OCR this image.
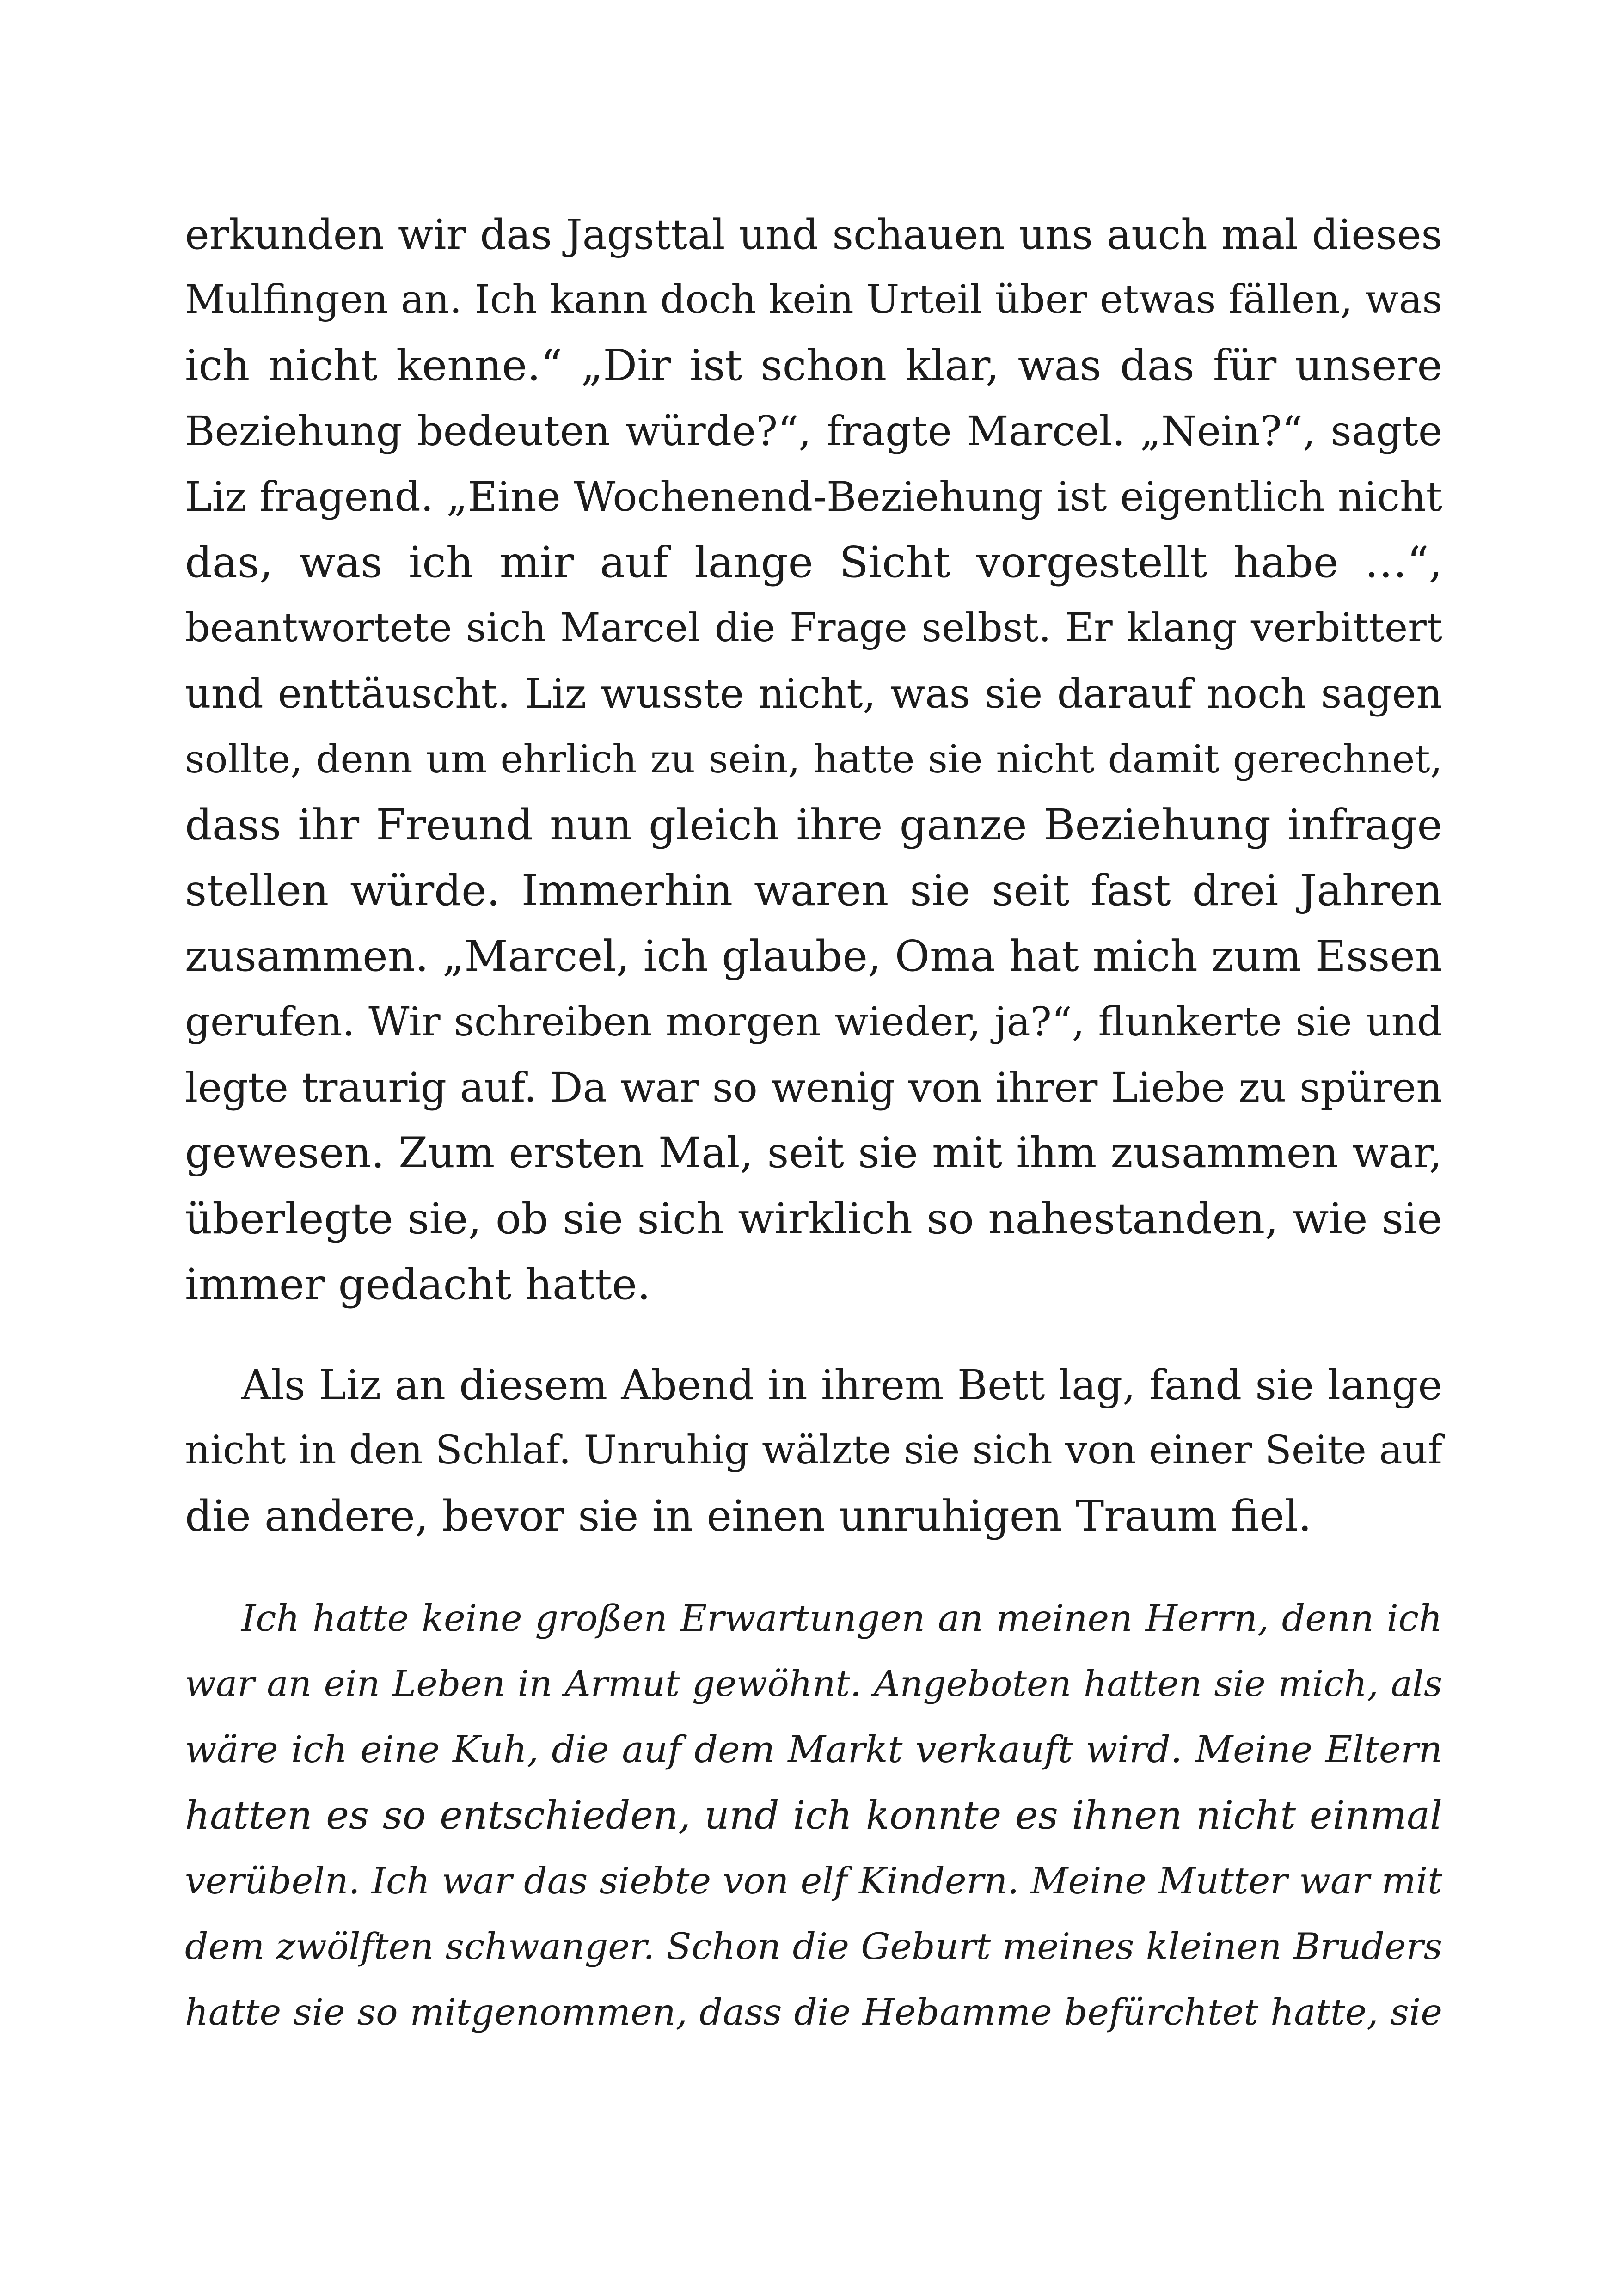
erkunden wir das Jagsttal und schauen uns auch mal dieses

Mulfingen an. Ich kann doch kein Urteil über etwas fällen, was

ich nicht kenne.“ „Dir ist schon klar, was das für unsere

Beziehung bedeuten würde?“, fragte Marcel. „Nein?“, sagte

Liz fragend. „Eine Wochenend-Beziehung ist eigentlich nicht

das, was ich mir auf lange Sicht vorgestellt habe …“,

beantwortete sich Marcel die Frage selbst. Er klang verbittert

und enttäuscht. Liz wusste nicht, was sie darauf noch sagen

sollte, denn um ehrlich zu sein, hatte sie nicht damit gerechnet,

dass ihr Freund nun gleich ihre ganze Beziehung infrage

stellen würde. Immerhin waren sie seit fast drei Jahren

zusammen. „Marcel, ich glaube, Oma hat mich zum Essen

gerufen. Wir schreiben morgen wieder, ja?“, flunkerte sie und

legte traurig auf. Da war so wenig von ihrer Liebe zu spüren

gewesen. Zum ersten Mal, seit sie mit ihm zusammen war,

überlegte sie, ob sie sich wirklich so nahestanden, wie sie

immer gedacht hatte.

Als Liz an diesem Abend in ihrem Bett lag, fand sie lange

nicht in den Schlaf. Unruhig wälzte sie sich von einer Seite auf

die andere, bevor sie in einen unruhigen Traum fiel.

Ich hatte keine großen Erwartungen an meinen Herrn, denn ich

war an ein Leben in Armut gewöhnt. Angeboten hatten sie mich, als

wäre ich eine Kuh, die auf dem Markt verkauft wird. Meine Eltern

hatten es so entschieden, und ich konnte es ihnen nicht einmal

verübeln. Ich war das siebte von elf Kindern. Meine Mutter war mit

dem zwölften schwanger. Schon die Geburt meines kleinen Bruders

hatte sie so mitgenommen, dass die Hebamme befürchtet hatte, sie
